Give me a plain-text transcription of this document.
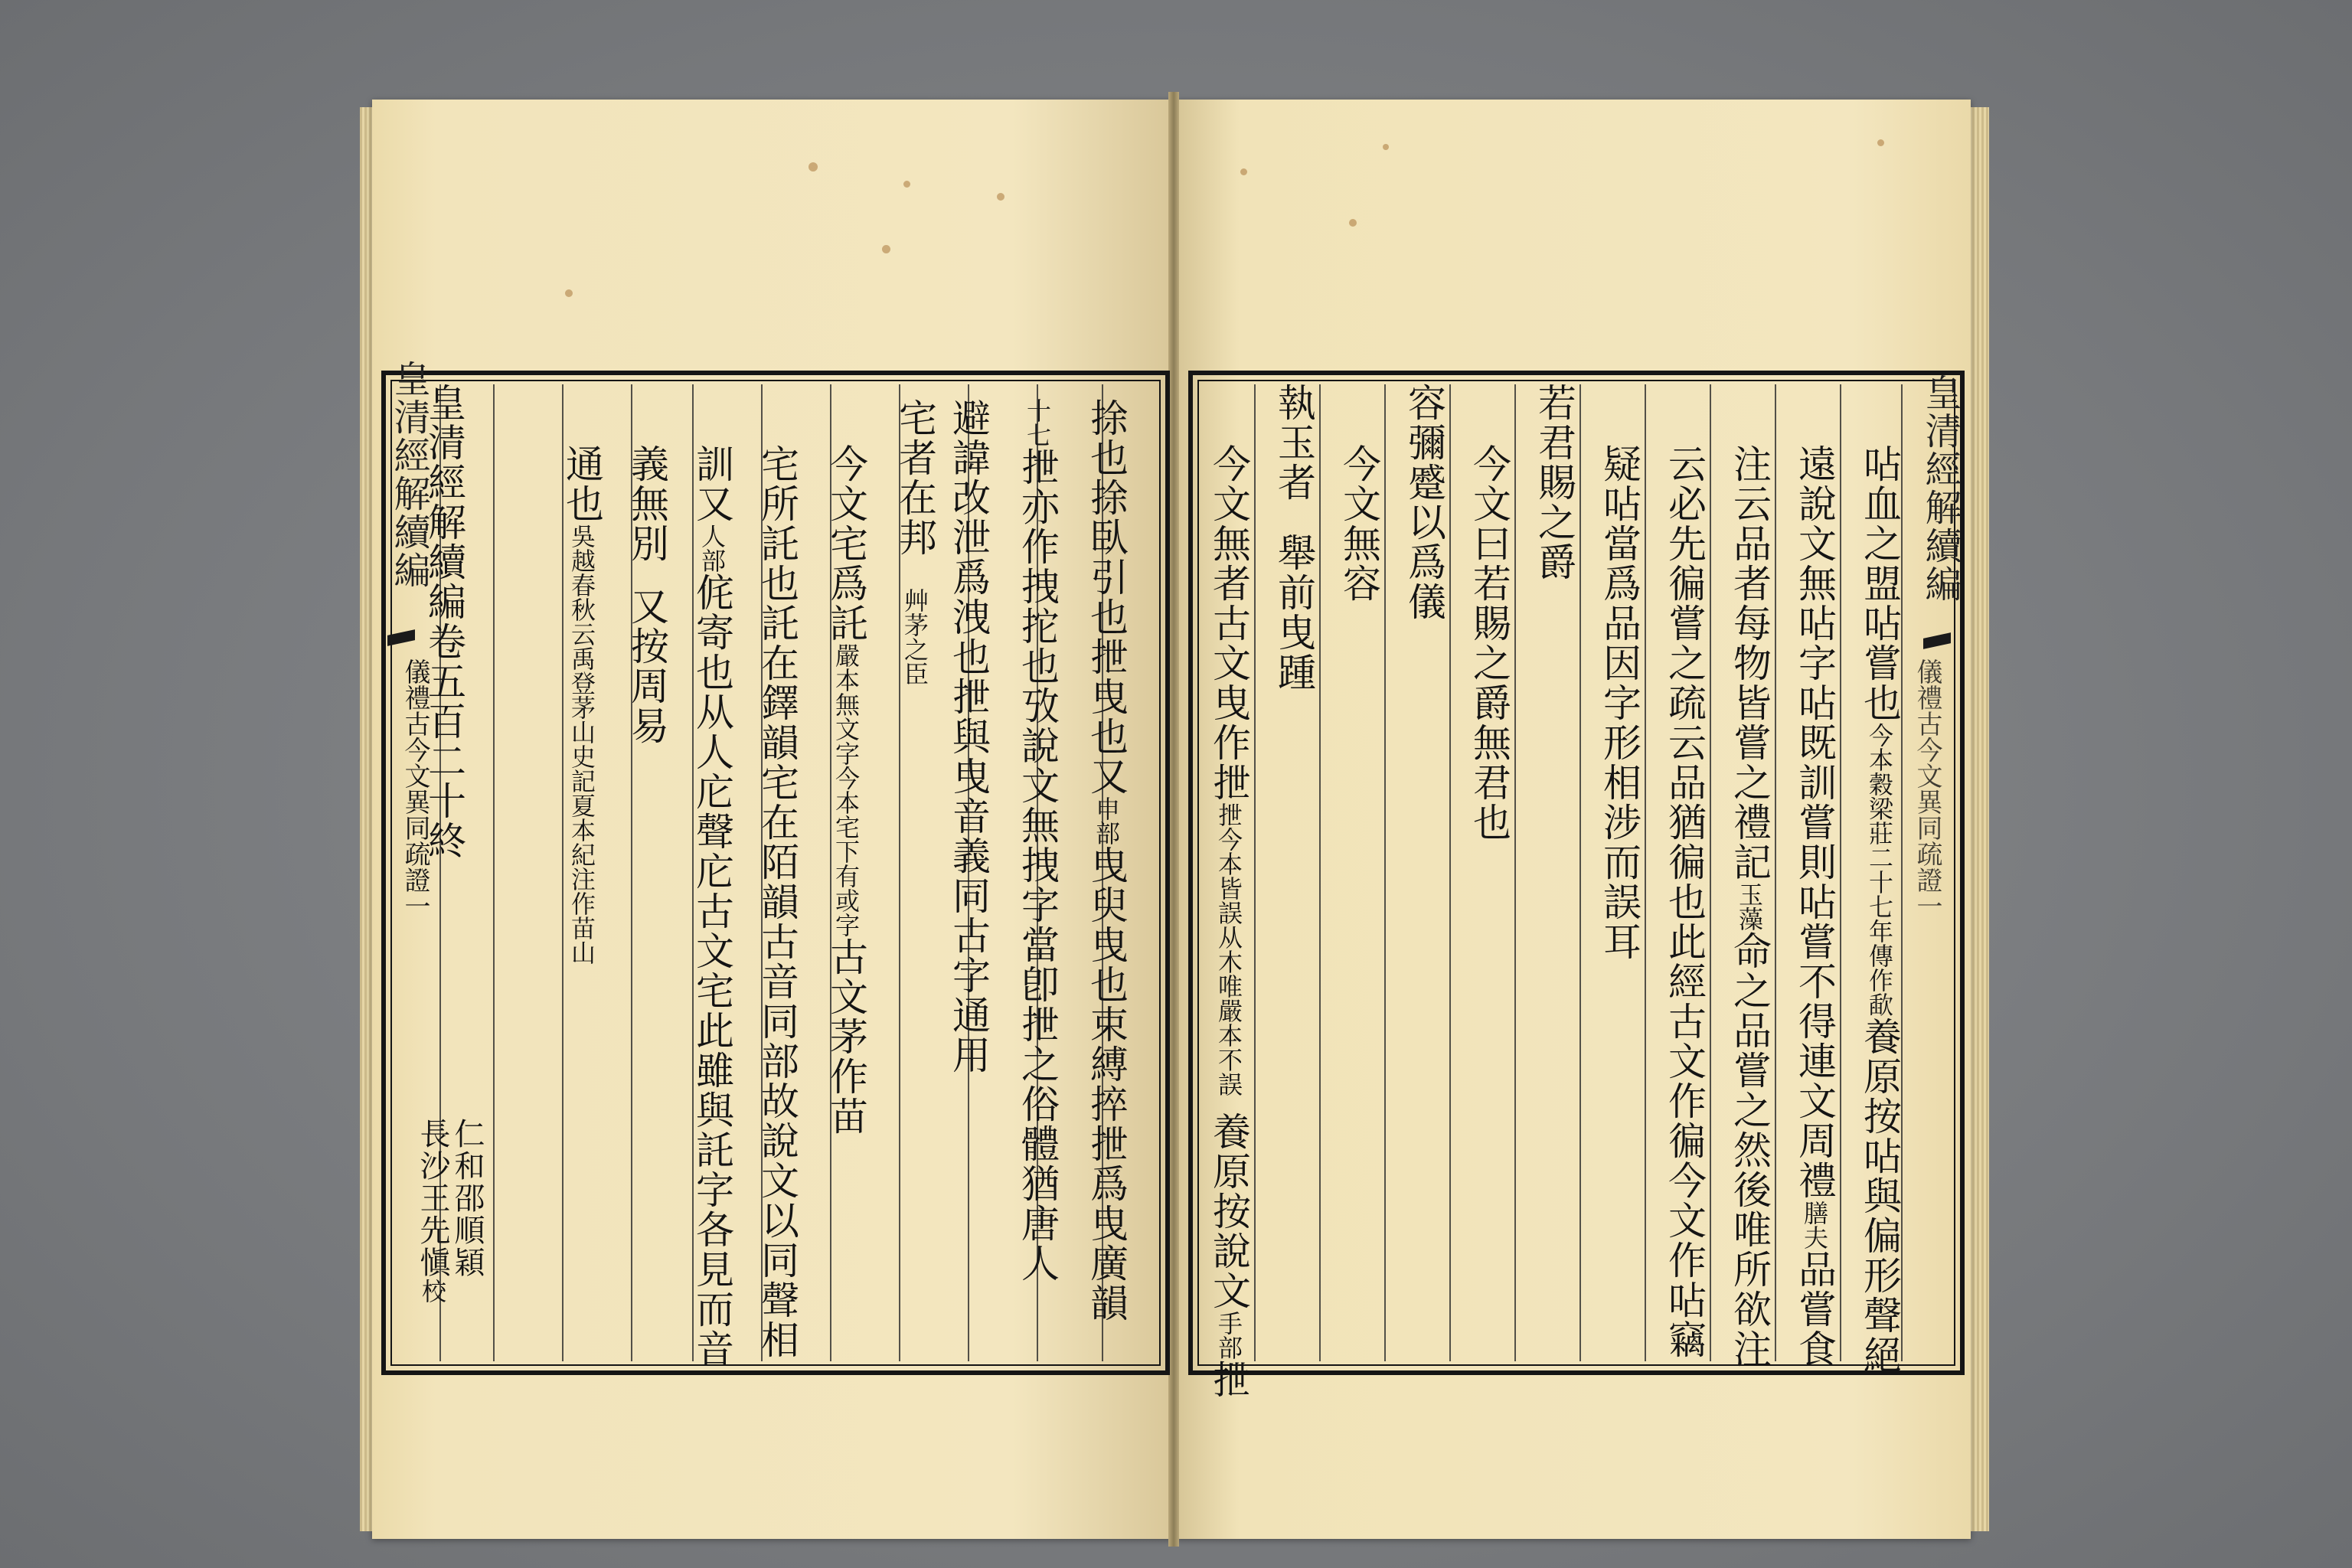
皇清經解續編	捈也捈臥引也抴曳也又申部曳臾曳也束縛捽抴爲曳廣韻
十七抴亦作拽拕也攷說文無拽字當卽抴之俗體猶唐人
避諱改泄爲洩也抴與曳音義同古字通用
宅者在邦艸茅之臣
今文宅爲託嚴本無文字今本宅下有或字古文茅作苗
宅所託也託在鐸韻宅在陌韻古音同部故說文以同聲相
訓又人部侂寄也从人庀聲庀古文宅此雖與託字各見而音
義無別又按周易
通也吳越春秋云禹登茅山史記夏本紀注作苗山
皇清經解續編卷五百二十終
儀禮古今文異同疏證一
仁和邵順穎
長沙王先愼校
皇清經解續編
呫血之盟呫嘗也今本穀梁莊二十七年傳作歃養原按呫與偏形聲絕
遠說文無呫字呫既訓嘗則呫嘗不得連文周禮膳夫品嘗食
注云品者每物皆嘗之禮記玉藻命之品嘗之然後唯所欲注
云必先徧嘗之疏云品猶徧也此經古文作徧今文作呫竊
疑呫當爲品因字形相涉而誤耳
若君賜之爵
今文曰若賜之爵無君也
容彌蹙以爲儀
今文無容
執玉者舉前曳踵
今文無者古文曳作抴抴今本皆誤从木唯嚴本不誤養原按說文手部抴
儀禮古今文異同疏證一
